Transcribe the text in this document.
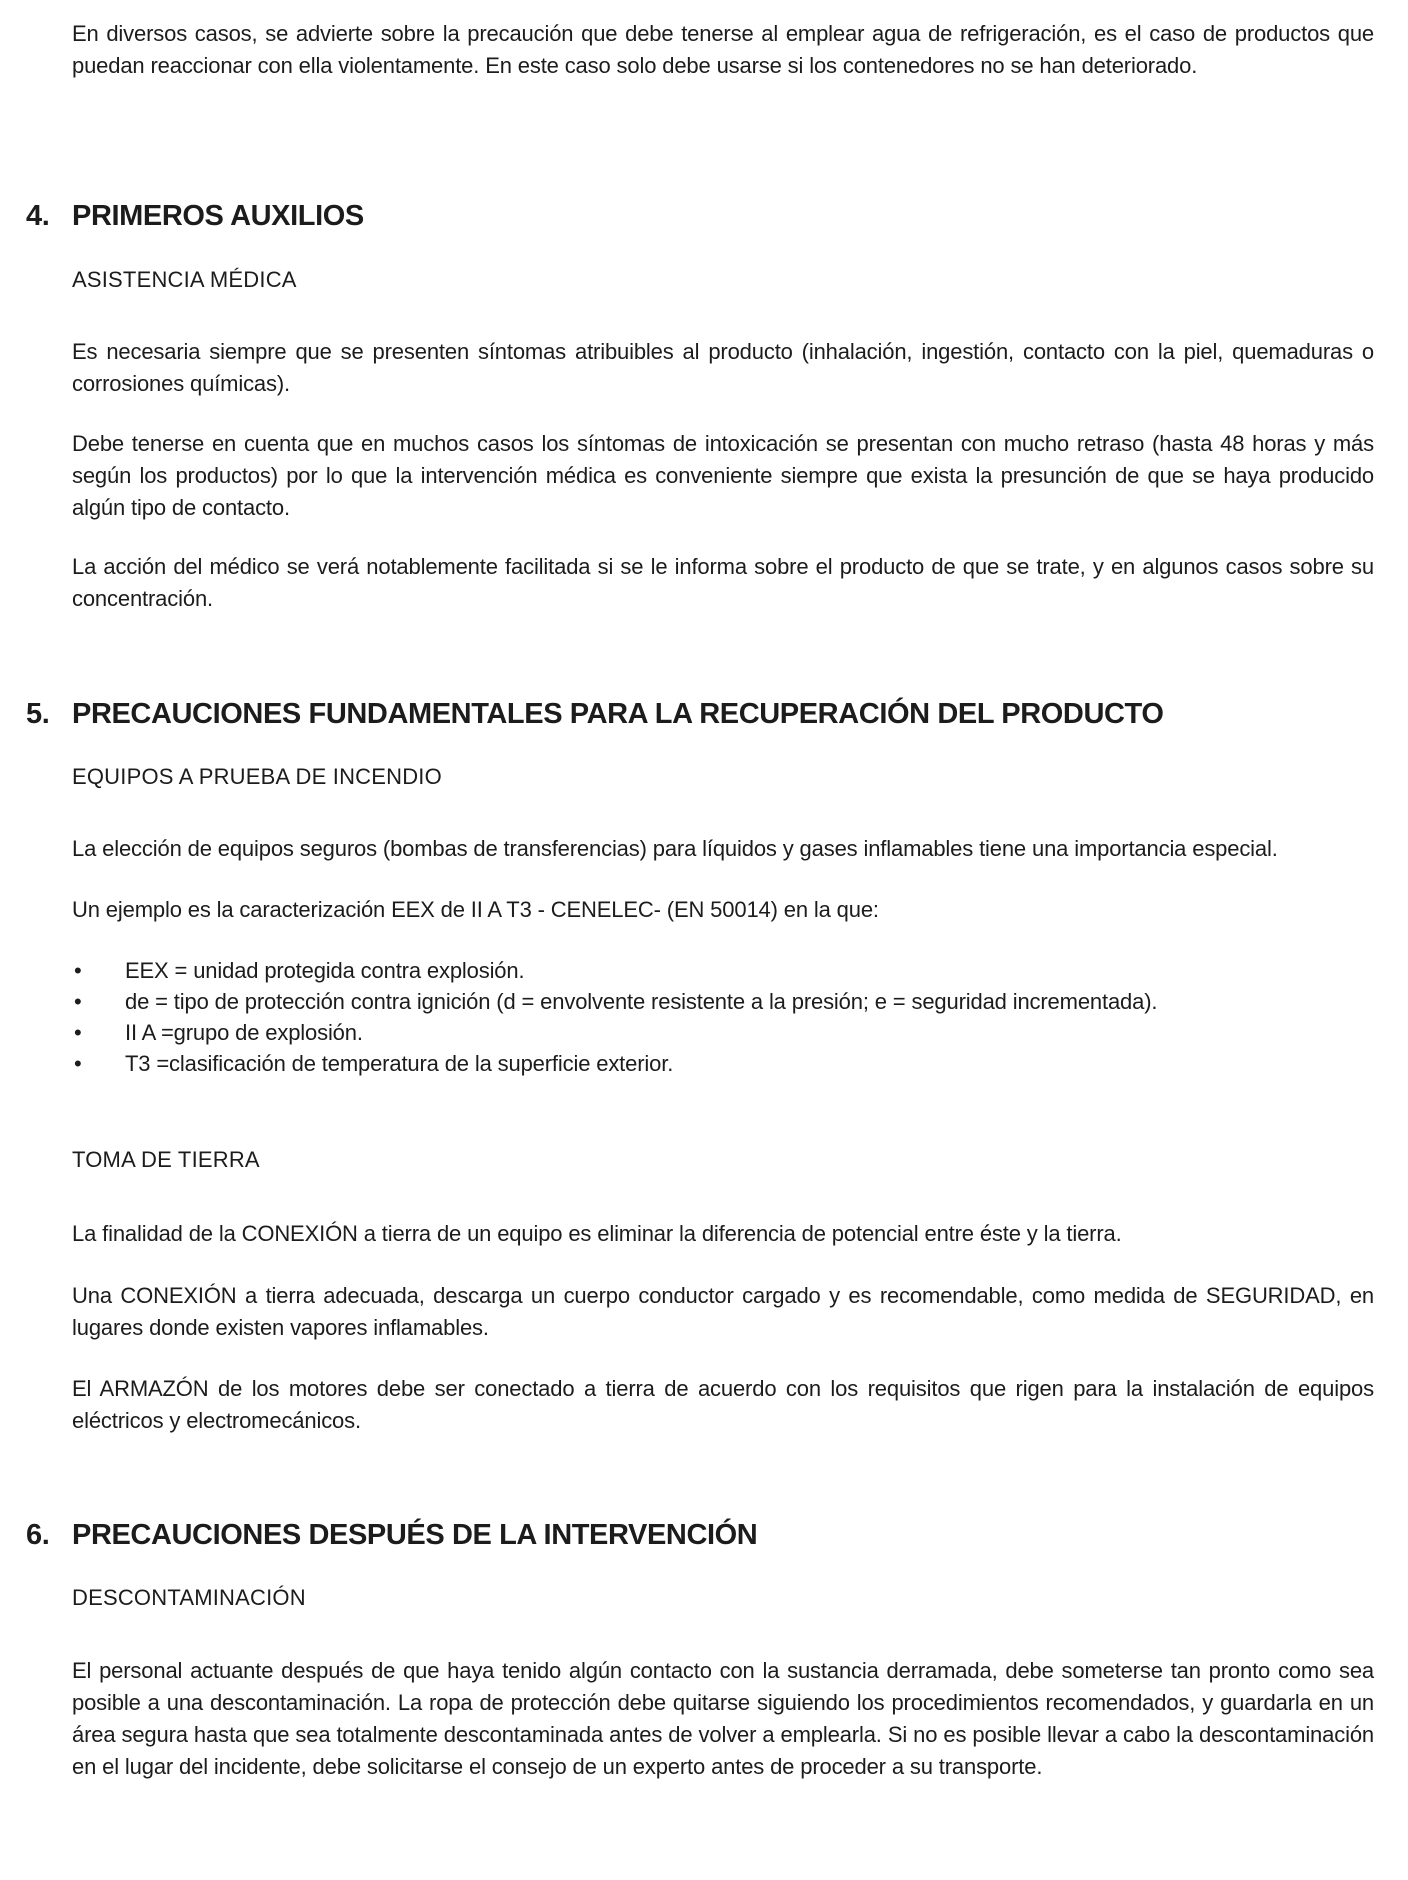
En diversos casos, se advierte sobre la precaución que debe tenerse al emplear agua de refrigeración, es el caso de productos que puedan reaccionar con ella violentamente. En este caso solo debe usarse si los contenedores no se han deteriorado.

4. PRIMEROS AUXILIOS
ASISTENCIA MÉDICA

Es necesaria siempre que se presenten síntomas atribuibles al producto (inhalación, ingestión, contacto con la piel, quemaduras o corrosiones químicas).

Debe tenerse en cuenta que en muchos casos los síntomas de intoxicación se presentan con mucho retraso (hasta 48 horas y más según los productos) por lo que la intervención médica es conveniente siempre que exista la presunción de que se haya producido algún tipo de contacto.

La acción del médico se verá notablemente facilitada si se le informa sobre el producto de que se trate, y en algunos casos sobre su concentración.

5. PRECAUCIONES FUNDAMENTALES PARA LA RECUPERACIÓN DEL PRODUCTO
EQUIPOS A PRUEBA DE INCENDIO

La elección de equipos seguros (bombas de transferencias) para líquidos y gases inflamables tiene una importancia especial.

Un ejemplo es la caracterización EEX de II A T3 - CENELEC- (EN 50014) en la que:

• EEX = unidad protegida contra explosión.
• de = tipo de protección contra ignición (d = envolvente resistente a la presión; e = seguridad incrementada).
• II A =grupo de explosión.
• T3 =clasificación de temperatura de la superficie exterior.
TOMA DE TIERRA

La finalidad de la CONEXIÓN a tierra de un equipo es eliminar la diferencia de potencial entre éste y la tierra.

Una CONEXIÓN a tierra adecuada, descarga un cuerpo conductor cargado y es recomendable, como medida de SEGURIDAD, en lugares donde existen vapores inflamables.

El ARMAZÓN de los motores debe ser conectado a tierra de acuerdo con los requisitos que rigen para la instalación de equipos eléctricos y electromecánicos.

6. PRECAUCIONES DESPUÉS DE LA INTERVENCIÓN
DESCONTAMINACIÓN

El personal actuante después de que haya tenido algún contacto con la sustancia derramada, debe someterse tan pronto como sea posible a una descontaminación. La ropa de protección debe quitarse siguiendo los procedimientos recomendados, y guardarla en un área segura hasta que sea totalmente descontaminada antes de volver a emplearla. Si no es posible llevar a cabo la descontaminación en el lugar del incidente, debe solicitarse el consejo de un experto antes de proceder a su transporte.
